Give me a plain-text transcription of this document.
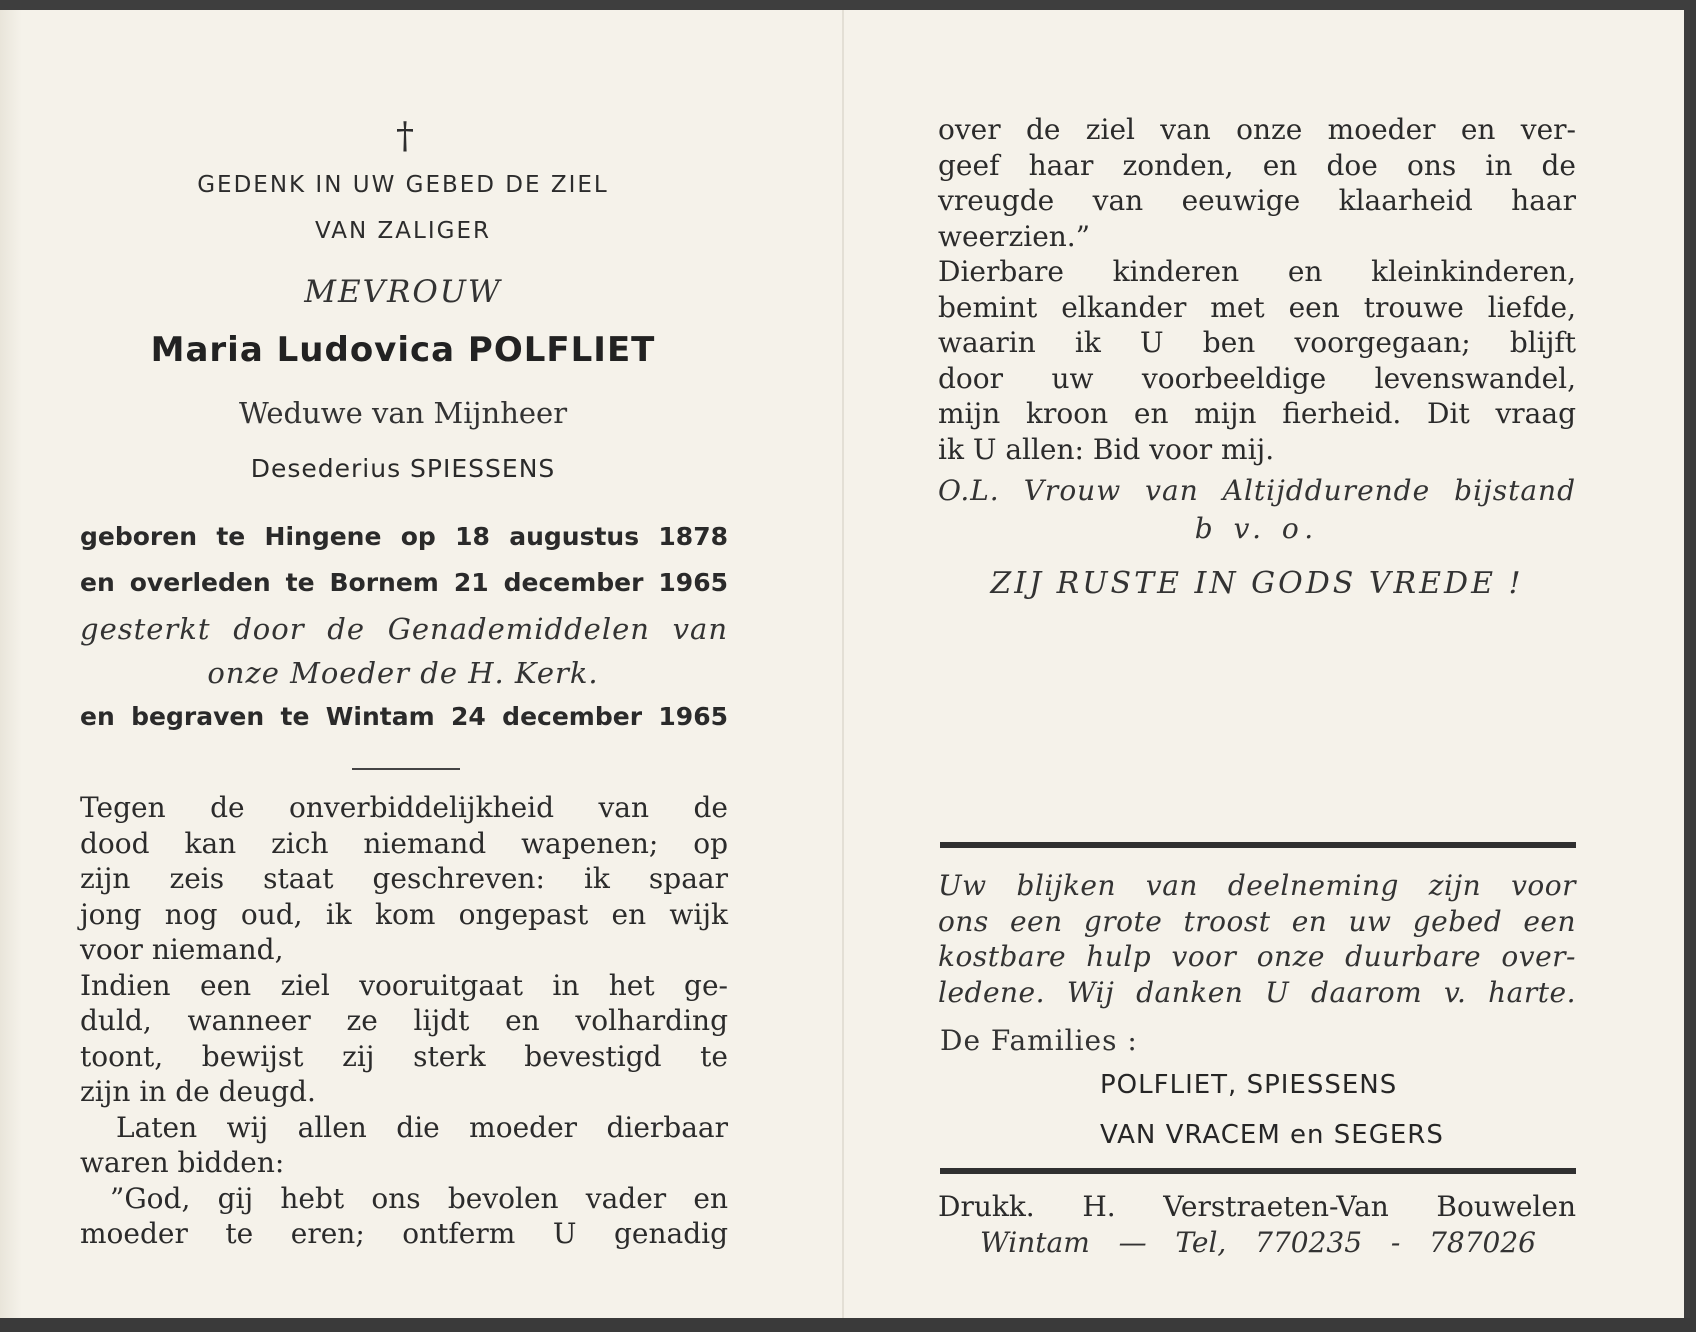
†
GEDENK IN UW GEBED DE ZIEL
VAN ZALIGER
MEVROUW
Maria Ludovica POLFLIET
Weduwe van Mijnheer
Desederius SPIESSENS
geboren te Hingene op 18 augustus 1878
en overleden te Bornem 21 december 1965
gesterkt door de Genademiddelen van
onze Moeder de H. Kerk.
en begraven te Wintam 24 december 1965
Tegen de onverbiddelijkheid van de
dood kan zich niemand wapenen; op
zijn zeis staat geschreven: ik spaar
jong nog oud, ik kom ongepast en wijk
voor niemand,
Indien een ziel vooruitgaat in het ge-
duld, wanneer ze lijdt en volharding
toont, bewijst zij sterk bevestigd te
zijn in de deugd.
Laten wij allen die moeder dierbaar
waren bidden:
”God, gij hebt ons bevolen vader en
moeder te eren; ontferm U genadig
over de ziel van onze moeder en ver-
geef haar zonden, en doe ons in de
vreugde van eeuwige klaarheid haar
weerzien.”
Dierbare kinderen en kleinkinderen,
bemint elkander met een trouwe liefde,
waarin ik U ben voorgegaan; blijft
door uw voorbeeldige levenswandel,
mijn kroon en mijn fierheid. Dit vraag
ik U allen: Bid voor mij.
O.L. Vrouw van Altijddurende bijstand
b v. o.
ZIJ RUSTE IN GODS VREDE !
Uw blijken van deelneming zijn voor
ons een grote troost en uw gebed een
kostbare hulp voor onze duurbare over-
ledene. Wij danken U daarom v. harte.
De Families :
POLFLIET, SPIESSENS
VAN VRACEM en SEGERS
Drukk. H. Verstraeten-Van Bouwelen
Wintam — Tel, 770235 - 787026
